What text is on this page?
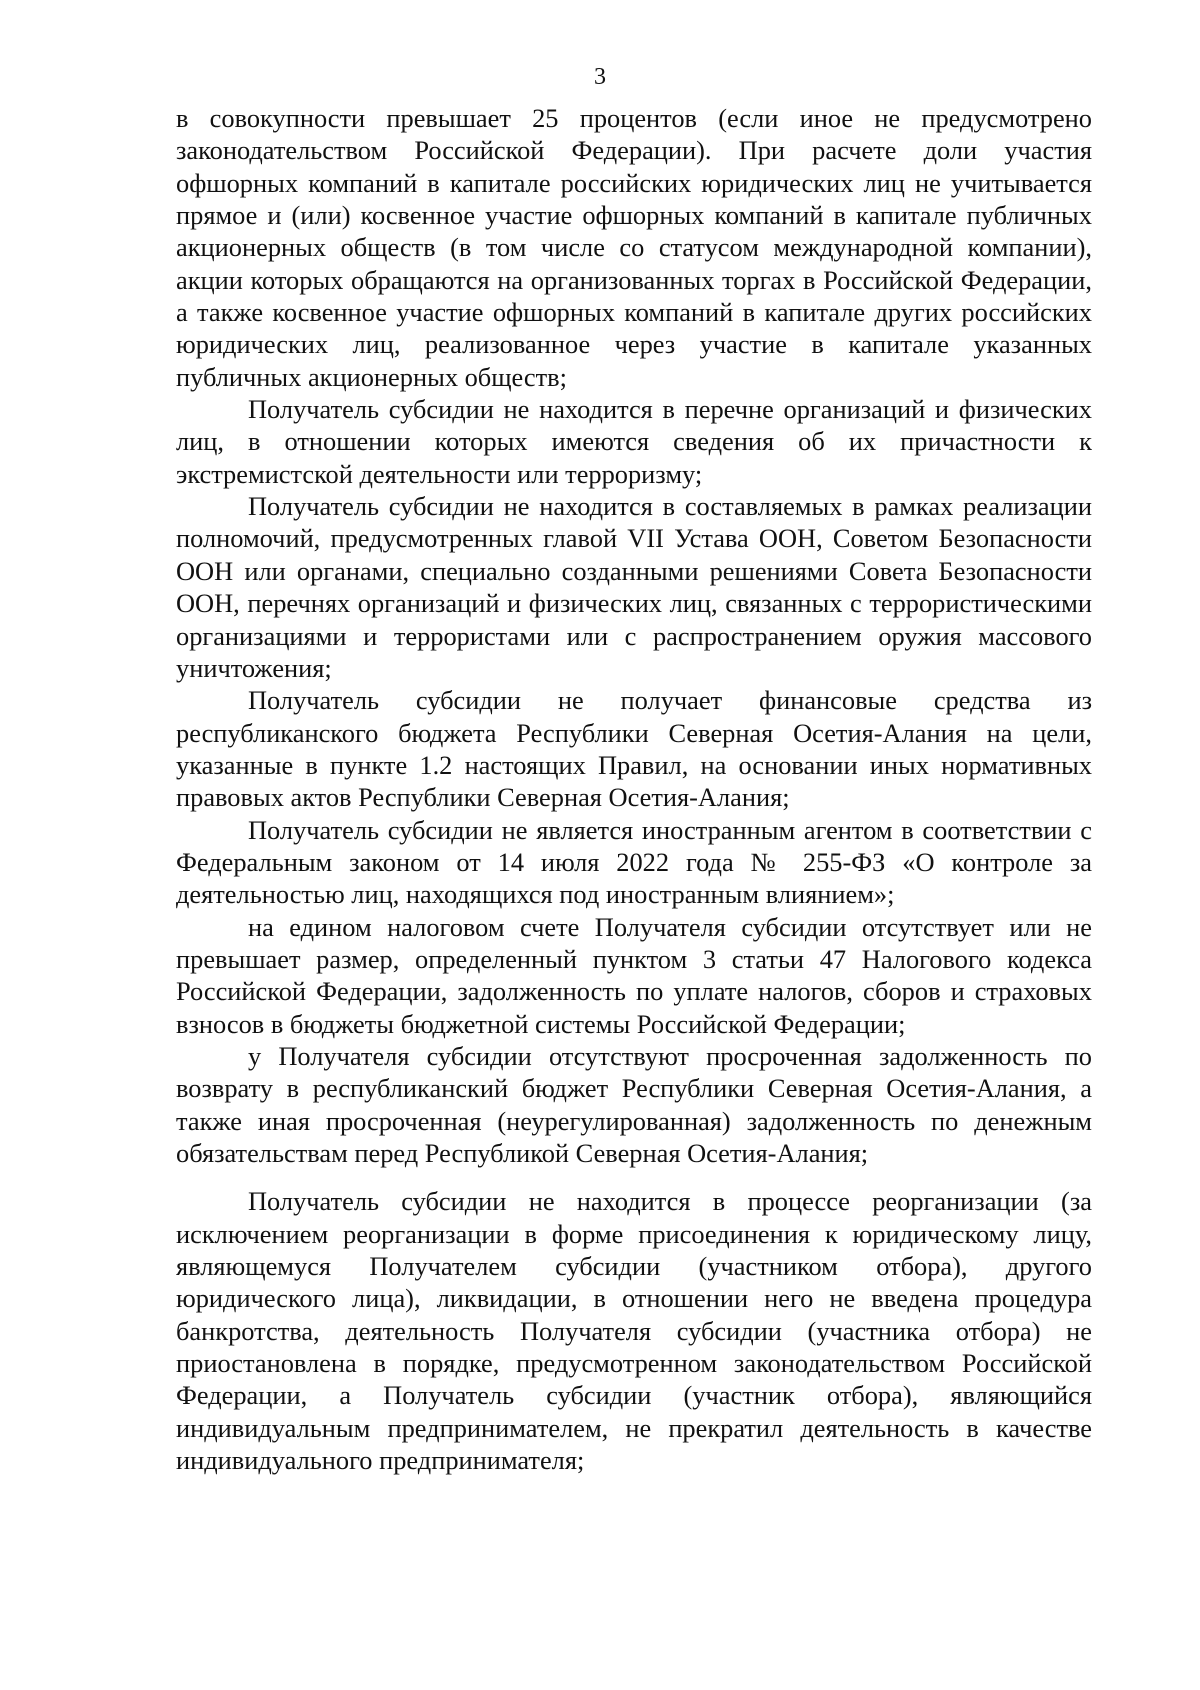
3

в совокупности превышает 25 процентов (если иное не предусмотрено законодательством Российской Федерации). При расчете доли участия офшорных компаний в капитале российских юридических лиц не учитывается прямое и (или) косвенное участие офшорных компаний в капитале публичных акционерных обществ (в том числе со статусом международной компании), акции которых обращаются на организованных торгах в Российской Федерации, а также косвенное участие офшорных компаний в капитале других российских юридических лиц, реализованное через участие в капитале указанных публичных акционерных обществ;

Получатель субсидии не находится в перечне организаций и физических лиц, в отношении которых имеются сведения об их причастности к экстремистской деятельности или терроризму;

Получатель субсидии не находится в составляемых в рамках реализации полномочий, предусмотренных главой VII Устава ООН, Советом Безопасности ООН или органами, специально созданными решениями Совета Безопасности ООН, перечнях организаций и физических лиц, связанных с террористическими организациями и террористами или с распространением оружия массового уничтожения;

Получатель субсидии не получает финансовые средства из республиканского бюджета Республики Северная Осетия-Алания на цели, указанные в пункте 1.2 настоящих Правил, на основании иных нормативных правовых актов Республики Северная Осетия-Алания;

Получатель субсидии не является иностранным агентом в соответствии с Федеральным законом от 14 июля 2022 года № 255-ФЗ «О контроле за деятельностью лиц, находящихся под иностранным влиянием»;

на едином налоговом счете Получателя субсидии отсутствует или не превышает размер, определенный пунктом 3 статьи 47 Налогового кодекса Российской Федерации, задолженность по уплате налогов, сборов и страховых взносов в бюджеты бюджетной системы Российской Федерации;

у Получателя субсидии отсутствуют просроченная задолженность по возврату в республиканский бюджет Республики Северная Осетия-Алания, а также иная просроченная (неурегулированная) задолженность по денежным обязательствам перед Республикой Северная Осетия-Алания;

Получатель субсидии не находится в процессе реорганизации (за исключением реорганизации в форме присоединения к юридическому лицу, являющемуся Получателем субсидии (участником отбора), другого юридического лица), ликвидации, в отношении него не введена процедура банкротства, деятельность Получателя субсидии (участника отбора) не приостановлена в порядке, предусмотренном законодательством Российской Федерации, а Получатель субсидии (участник отбора), являющийся индивидуальным предпринимателем, не прекратил деятельность в качестве индивидуального предпринимателя;
